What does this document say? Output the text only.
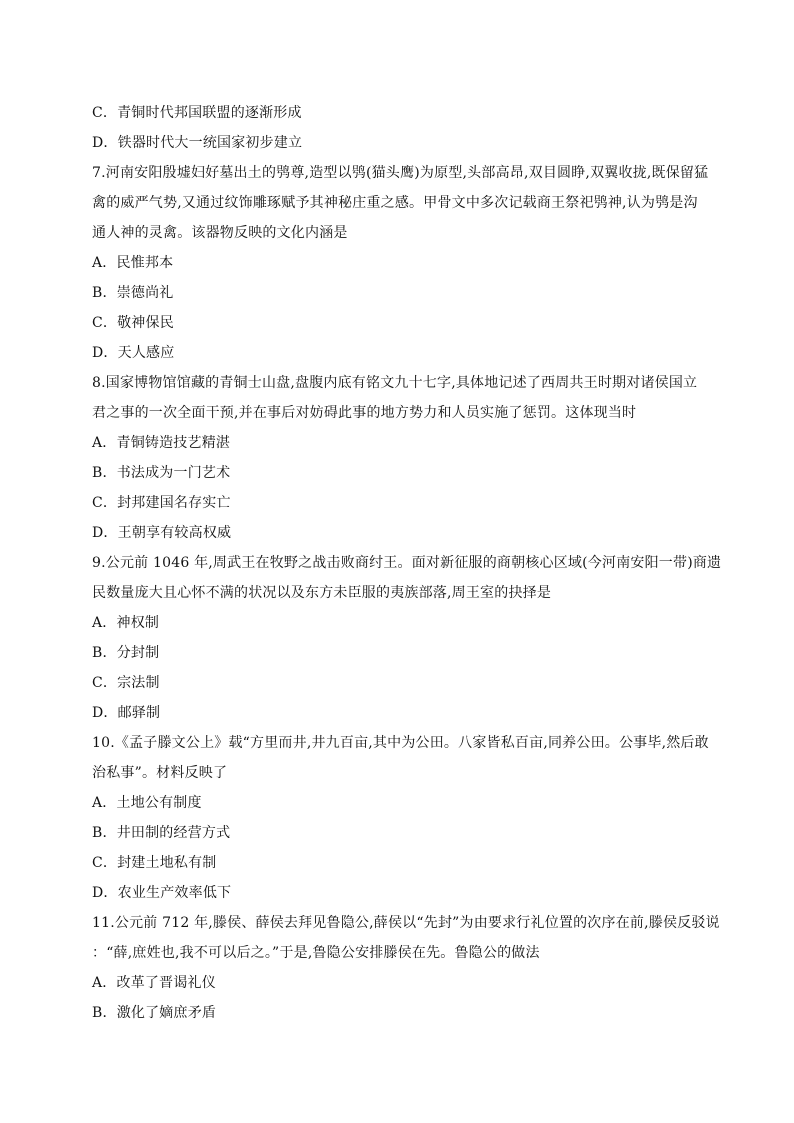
C．青铜时代邦国联盟的逐渐形成
D．铁器时代大一统国家初步建立
7.河南安阳殷墟妇好墓出土的鸮尊,造型以鸮(猫头鹰)为原型,头部高昂,双目圆睁,双翼收拢,既保留猛
禽的威严气势,又通过纹饰雕琢赋予其神秘庄重之感。甲骨文中多次记载商王祭祀鸮神,认为鸮是沟
通人神的灵禽。该器物反映的文化内涵是
A．民惟邦本
B．崇德尚礼
C．敬神保民
D．天人感应
8.国家博物馆馆藏的青铜士山盘,盘腹内底有铭文九十七字,具体地记述了西周共王时期对诸侯国立
君之事的一次全面干预,并在事后对妨碍此事的地方势力和人员实施了惩罚。这体现当时
A．青铜铸造技艺精湛
B．书法成为一门艺术
C．封邦建国名存实亡
D．王朝享有较高权威
9.公元前 1046 年,周武王在牧野之战击败商纣王。面对新征服的商朝核心区域(今河南安阳一带)商遗
民数量庞大且心怀不满的状况以及东方未臣服的夷族部落,周王室的抉择是
A．神权制
B．分封制
C．宗法制
D．邮驿制
10.《孟子滕文公上》载“方里而井,井九百亩,其中为公田。八家皆私百亩,同养公田。公事毕,然后敢
治私事”。材料反映了
A．土地公有制度
B．井田制的经营方式
C．封建土地私有制
D．农业生产效率低下
11.公元前 712 年,滕侯、薛侯去拜见鲁隐公,薛侯以“先封”为由要求行礼位置的次序在前,滕侯反驳说
：“薛,庶姓也,我不可以后之。”于是,鲁隐公安排滕侯在先。鲁隐公的做法
A．改革了晋谒礼仪
B．激化了嫡庶矛盾
